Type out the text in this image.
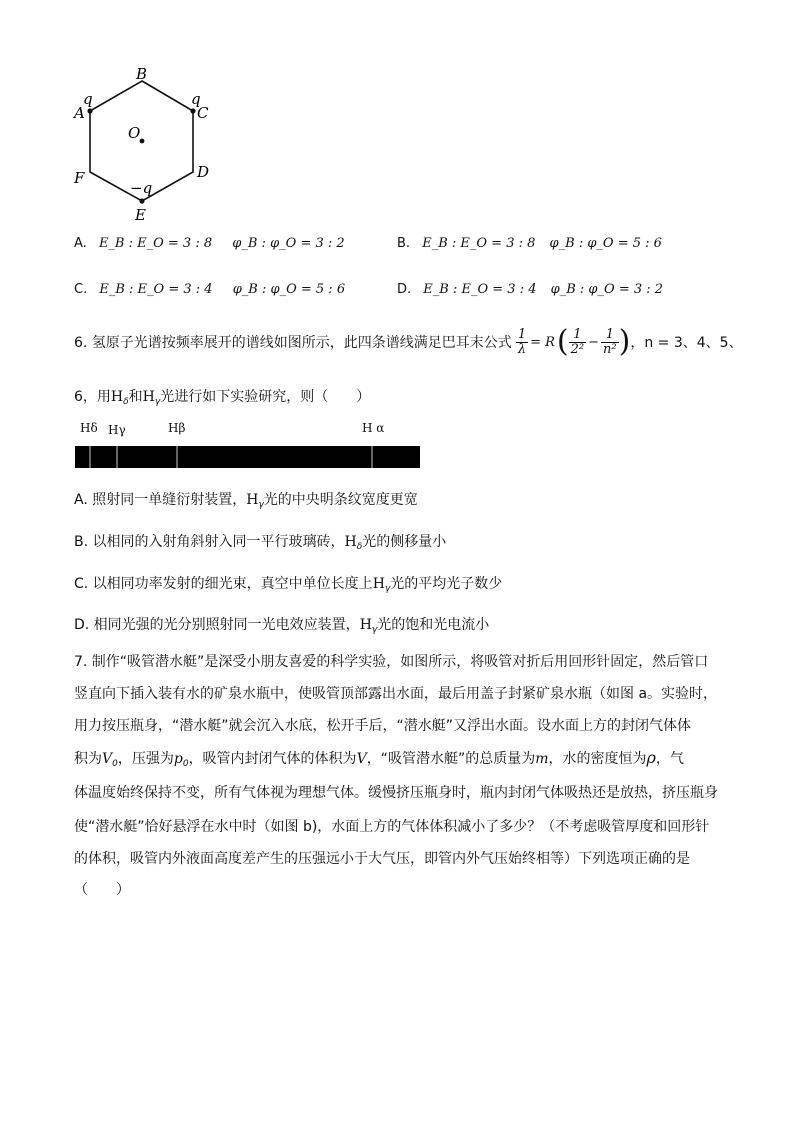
B
A	C
D
E
F
O
q	q
−q
A. E_B : E_O = 3 : 8 φ_B : φ_O = 3 : 2	B. E_B : E_O = 3 : 8 φ_B : φ_O = 5 : 6
C. E_B : E_O = 3 : 4 φ_B : φ_O = 5 : 6	D. E_B : E_O = 3 : 4 φ_B : φ_O = 3 : 2
6. 氢原子光谱按频率展开的谱线如图所示，此四条谱线满足巴耳末公式 $\frac{1}{\lambda} = R$ ( $\frac{1}{\text{2²}} - \frac{1}{\text{n²}}$ ) ，n = 3、4、5、
6，用$H_\delta$和$H_\gamma$光进行如下实验研究，则（　　）
Hδ Hγ	Hβ	H α
A. 照射同一单缝衍射装置，$H_\gamma$光的中央明条纹宽度更宽
B. 以相同的入射角斜射入同一平行玻璃砖，$H_\delta$光的侧移量小
C. 以相同功率发射的细光束，真空中单位长度上$H_\gamma$光的平均光子数少
D. 相同光强的光分别照射同一光电效应装置，$H_\gamma$光的饱和光电流小
7. 制作“吸管潜水艇”是深受小朋友喜爱的科学实验，如图所示，将吸管对折后用回形针固定，然后管口
竖直向下插入装有水的矿泉水瓶中，使吸管顶部露出水面，最后用盖子封紧矿泉水瓶（如图 a。实验时，
用力按压瓶身，“潜水艇”就会沉入水底，松开手后，“潜水艇”又浮出水面。设水面上方的封闭气体体
积为$V_0$，压强为$p_0$，吸管内封闭气体的体积为V，“吸管潜水艇”的总质量为m，水的密度恒为ρ，气
体温度始终保持不变，所有气体视为理想气体。缓慢挤压瓶身时，瓶内封闭气体吸热还是放热，挤压瓶身
使“潜水艇”恰好悬浮在水中时（如图 b)，水面上方的气体体积减小了多少？（不考虑吸管厚度和回形针
的体积，吸管内外液面高度差产生的压强远小于大气压，即管内外气压始终相等）下列选项正确的是
（　　）
